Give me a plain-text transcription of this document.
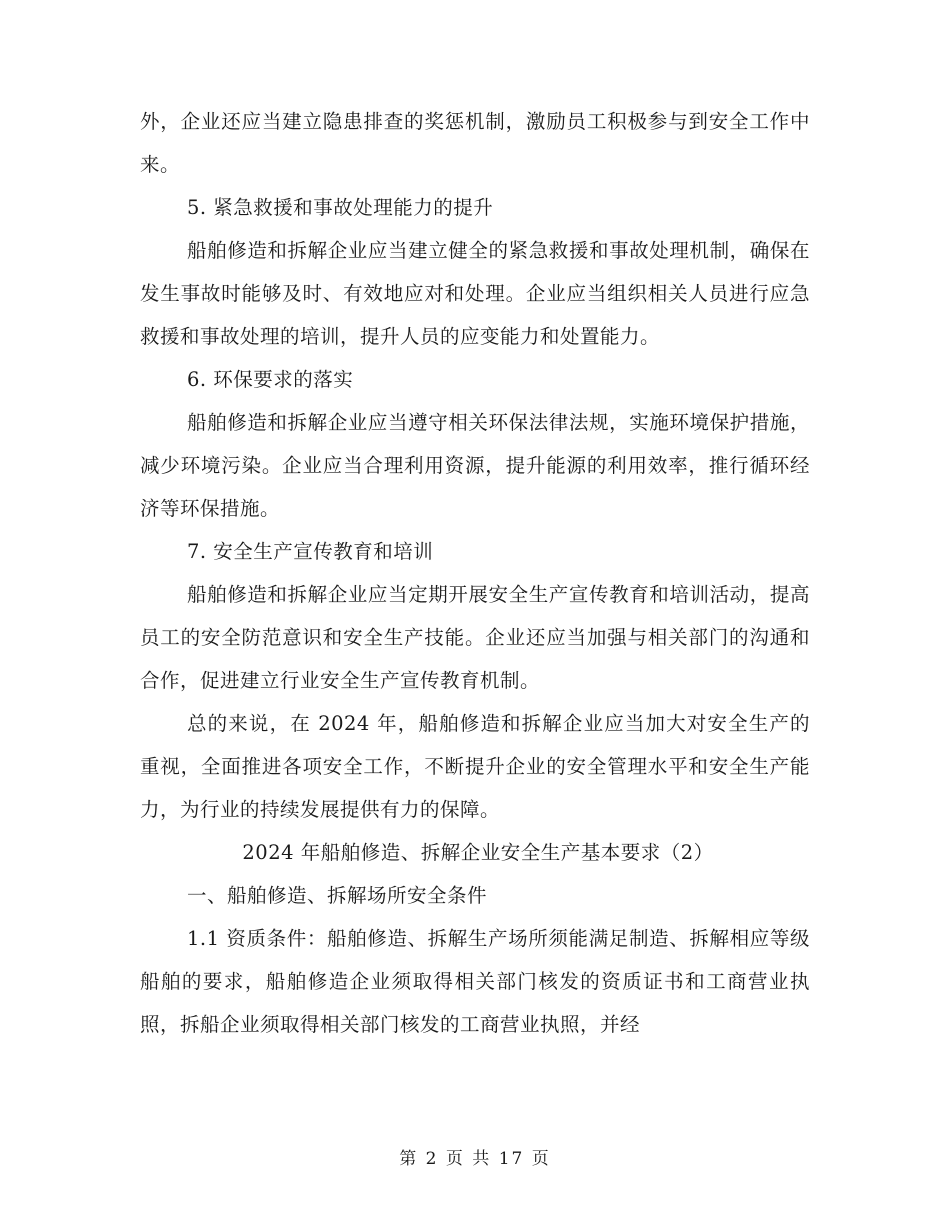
外，企业还应当建立隐患排查的奖惩机制，激励员工积极参与到安全工作中来。

5. 紧急救援和事故处理能力的提升

船舶修造和拆解企业应当建立健全的紧急救援和事故处理机制，确保在发生事故时能够及时、有效地应对和处理。企业应当组织相关人员进行应急救援和事故处理的培训，提升人员的应变能力和处置能力。

6. 环保要求的落实

船舶修造和拆解企业应当遵守相关环保法律法规，实施环境保护措施，减少环境污染。企业应当合理利用资源，提升能源的利用效率，推行循环经济等环保措施。

7. 安全生产宣传教育和培训

船舶修造和拆解企业应当定期开展安全生产宣传教育和培训活动，提高员工的安全防范意识和安全生产技能。企业还应当加强与相关部门的沟通和合作，促进建立行业安全生产宣传教育机制。

总的来说，在 2024 年，船舶修造和拆解企业应当加大对安全生产的重视，全面推进各项安全工作，不断提升企业的安全管理水平和安全生产能力，为行业的持续发展提供有力的保障。

2024 年船舶修造、拆解企业安全生产基本要求（2）

一、船舶修造、拆解场所安全条件

1.1 资质条件：船舶修造、拆解生产场所须能满足制造、拆解相应等级船舶的要求，船舶修造企业须取得相关部门核发的资质证书和工商营业执照，拆船企业须取得相关部门核发的工商营业执照，并经

第 2 页 共 17 页
